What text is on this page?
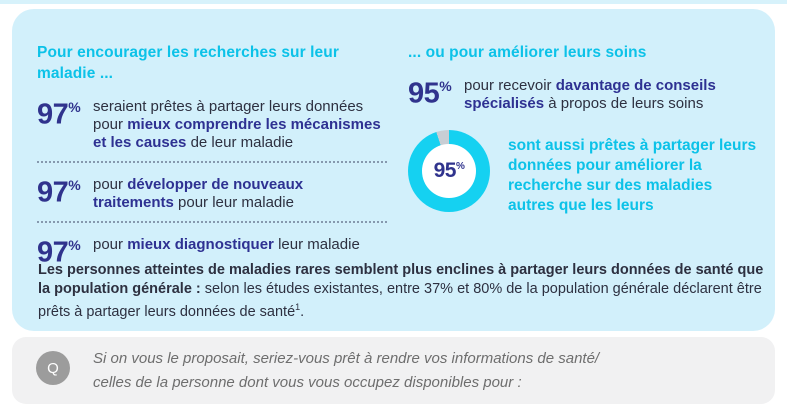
Pour encourager les recherches sur leur maladie ...
97% seraient prêtes à partager leurs données pour mieux comprendre les mécanismes et les causes de leur maladie
97% pour développer de nouveaux traitements pour leur maladie
97% pour mieux diagnostiquer leur maladie
... ou pour améliorer leurs soins
95% pour recevoir davantage de conseils spécialisés à propos de leurs soins
95%
sont aussi prêtes à partager leurs données pour améliorer la recherche sur des maladies autres que les leurs
Les personnes atteintes de maladies rares semblent plus enclines à partager leurs données de santé que la population générale : selon les études existantes, entre 37% et 80% de la population générale déclarent être prêts à partager leurs données de santé$^1$.
Q
Si on vous le proposait, seriez-vous prêt à rendre vos informations de santé/
celles de la personne dont vous vous occupez disponibles pour :
